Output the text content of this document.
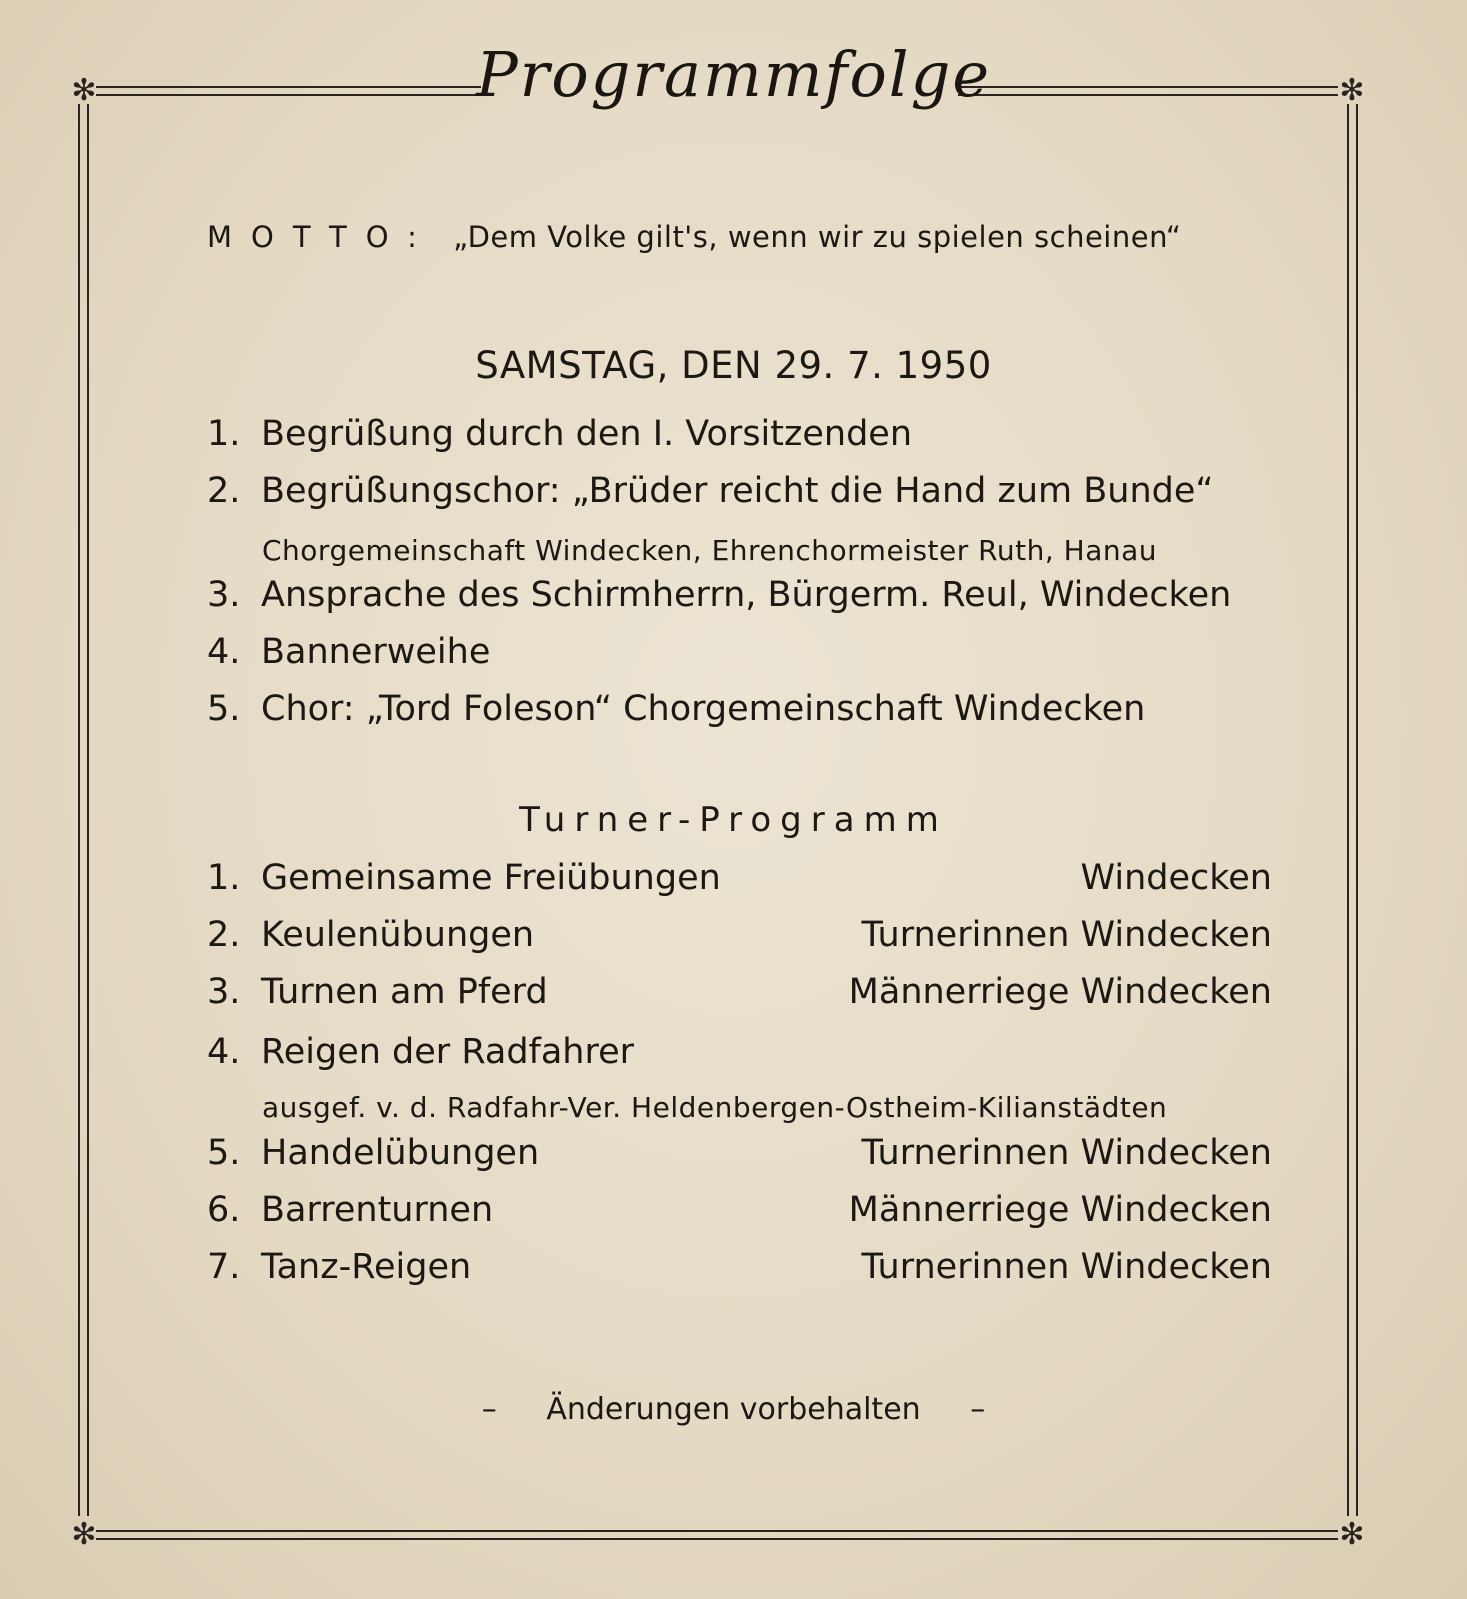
✻	✻
✻	✻
Programmfolge
MOTTO: „Dem Volke gilt's, wenn wir zu spielen scheinen“
SAMSTAG, DEN 29. 7. 1950
1. Begrüßung durch den I. Vorsitzenden
2. Begrüßungschor: „Brüder reicht die Hand zum Bunde“
Chorgemeinschaft Windecken, Ehrenchormeister Ruth, Hanau
3. Ansprache des Schirmherrn, Bürgerm. Reul, Windecken
4. Bannerweihe
5. Chor: „Tord Foleson“ Chorgemeinschaft Windecken
Turner-Programm
1. Gemeinsame Freiübungen	Windecken
2. Keulenübungen	Turnerinnen Windecken
3. Turnen am Pferd	Männerriege Windecken
4. Reigen der Radfahrer
ausgef. v. d. Radfahr-Ver. Heldenbergen-Ostheim-Kilianstädten
5. Handelübungen	Turnerinnen Windecken
6. Barrenturnen	Männerriege Windecken
7. Tanz-Reigen	Turnerinnen Windecken
– Änderungen vorbehalten –
